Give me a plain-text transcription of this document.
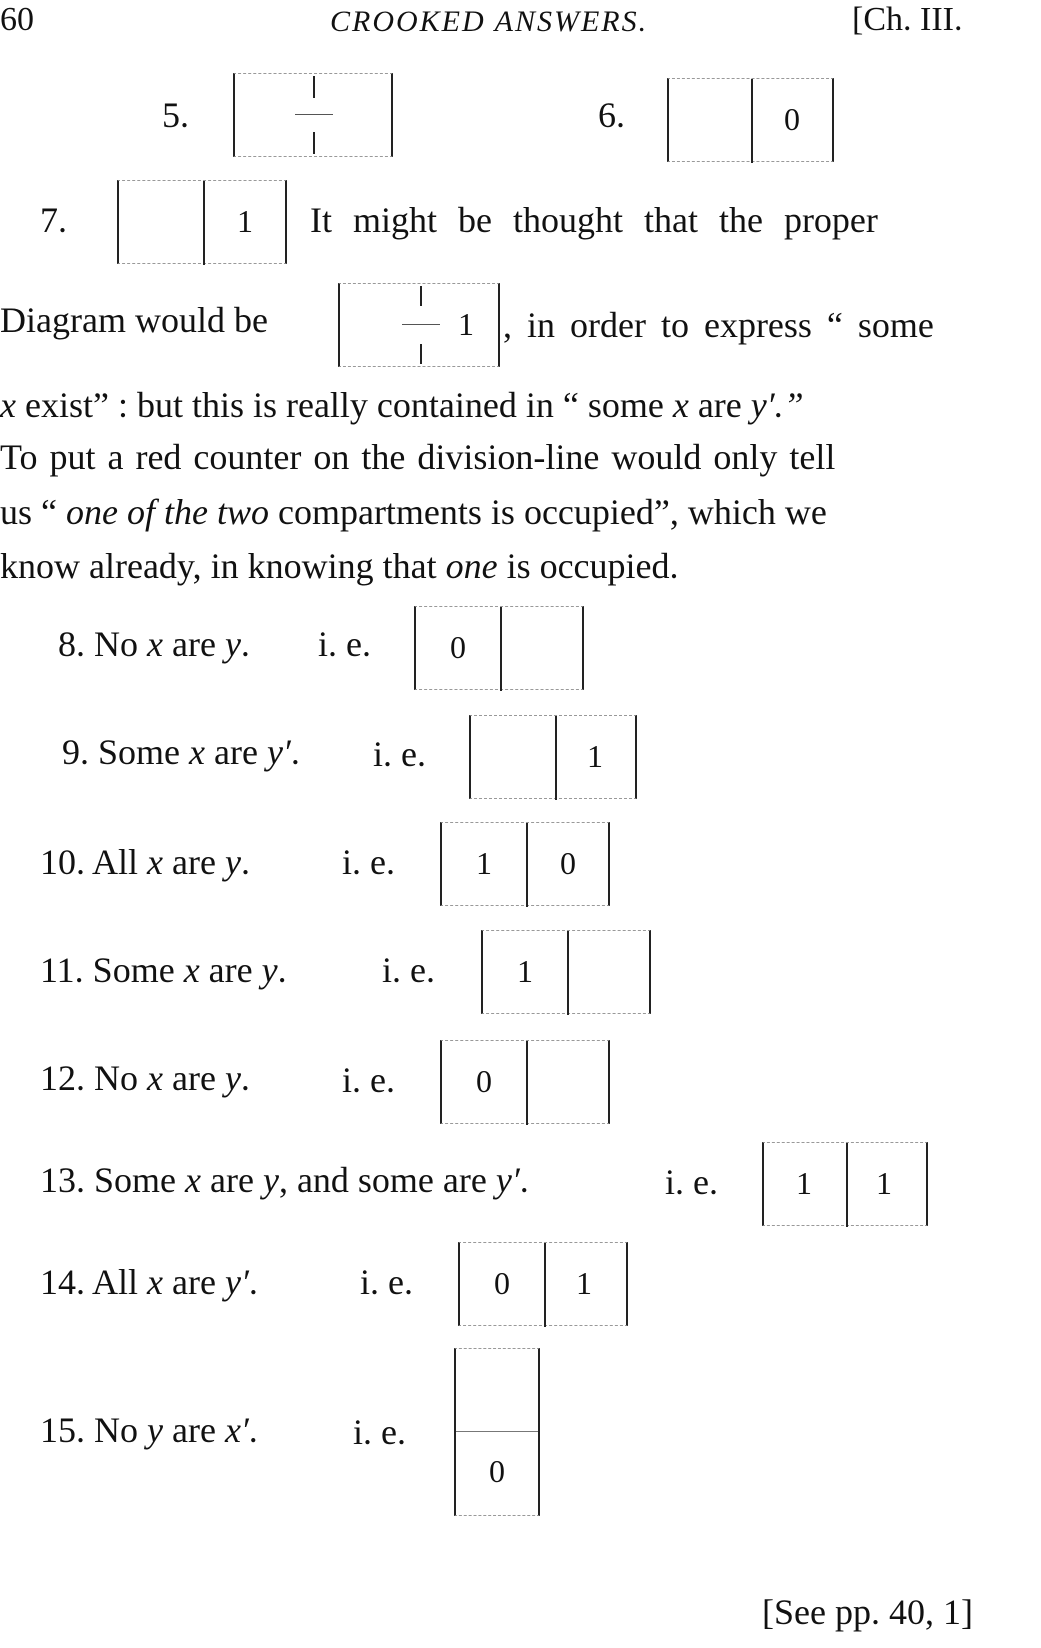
60	CROOKED ANSWERS.	[Ch. III.
5.	6.	0
7.	1	It might be thought that the proper
Diagram would be	1 , in order to express “ some
x exist” : but this is really contained in “ some x are y′.”
To put a red counter on the division-line would only tell
us “ one of the two compartments is occupied”, which we
know already, in knowing that one is occupied.
8. No x are y. i. e.	0
9. Some x are y′. i. e.	1
10. All x are y.	i. e.	1	0
11. Some x are y.	i. e.	1
12. No x are y.	i. e.	0
13. Some x are y, and some are y′.	i. e.	1	1
14. All x are y′.	i. e.	0	1
15. No y are x′.	i. e.
0
[See pp. 40, 1]
